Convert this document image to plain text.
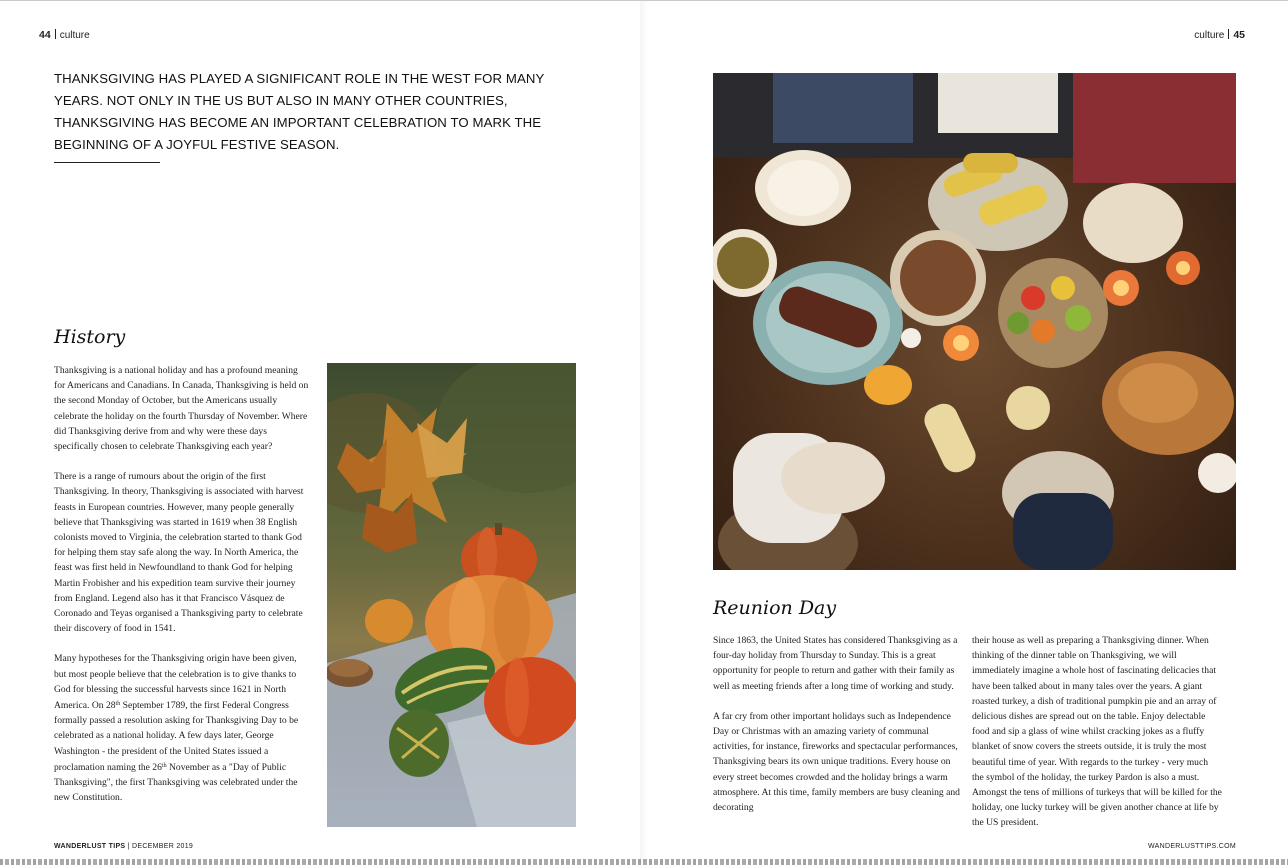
44 culture	culture 45

THANKSGIVING HAS PLAYED A SIGNIFICANT ROLE IN THE WEST FOR MANY YEARS. NOT ONLY IN THE US BUT ALSO IN MANY OTHER COUNTRIES, THANKSGIVING HAS BECOME AN IMPORTANT CELEBRATION TO MARK THE BEGINNING OF A JOYFUL FESTIVE SEASON.

History

Thanksgiving is a national holiday and has a profound meaning for Americans and Canadians. In Canada, Thanksgiving is held on the second Monday of October, but the Americans usually celebrate the holiday on the fourth Thursday of November. Where did Thanksgiving derive from and why were these days specifically chosen to celebrate Thanksgiving each year?

There is a range of rumours about the origin of the first Thanksgiving. In theory, Thanksgiving is associated with harvest feasts in European countries. However, many people generally believe that Thanksgiving was started in 1619 when 38 English colonists moved to Virginia, the celebration started to thank God for helping them stay safe along the way. In North America, the feast was first held in Newfoundland to thank God for helping Martin Frobisher and his expedition team survive their journey from England. Legend also has it that Francisco Vásquez de Coronado and Teyas organised a Thanksgiving party to celebrate their discovery of food in 1541.

Many hypotheses for the Thanksgiving origin have been given, but most people believe that the celebration is to give thanks to God for blessing the successful harvests since 1621 in North America. On 28th September 1789, the first Federal Congress formally passed a resolution asking for Thanksgiving Day to be celebrated as a national holiday. A few days later, George Washington - the president of the United States issued a proclamation naming the 26th November as a "Day of Public Thanksgiving", the first Thanksgiving was celebrated under the new Constitution.

Reunion Day

Since 1863, the United States has considered Thanksgiving as a four-day holiday from Thursday to Sunday. This is a great opportunity for people to return and gather with their family as well as meeting friends after a long time of working and study.

A far cry from other important holidays such as Independence Day or Christmas with an amazing variety of communal activities, for instance, fireworks and spectacular performances, Thanksgiving bears its own unique traditions. Every house on every street becomes crowded and the holiday brings a warm atmosphere. At this time, family members are busy cleaning and decorating

their house as well as preparing a Thanksgiving dinner. When thinking of the dinner table on Thanksgiving, we will immediately imagine a whole host of fascinating delicacies that have been talked about in many tales over the years. A giant roasted turkey, a dish of traditional pumpkin pie and an array of delicious dishes are spread out on the table. Enjoy delectable food and sip a glass of wine whilst cracking jokes as a fluffy blanket of snow covers the streets outside, it is truly the most beautiful time of year. With regards to the turkey - very much the symbol of the holiday, the turkey Pardon is also a must. Amongst the tens of millions of turkeys that will be killed for the holiday, one lucky turkey will be given another chance at life by the US president.

WANDERLUST TIPS | DECEMBER 2019	WANDERLUSTTIPS.COM
